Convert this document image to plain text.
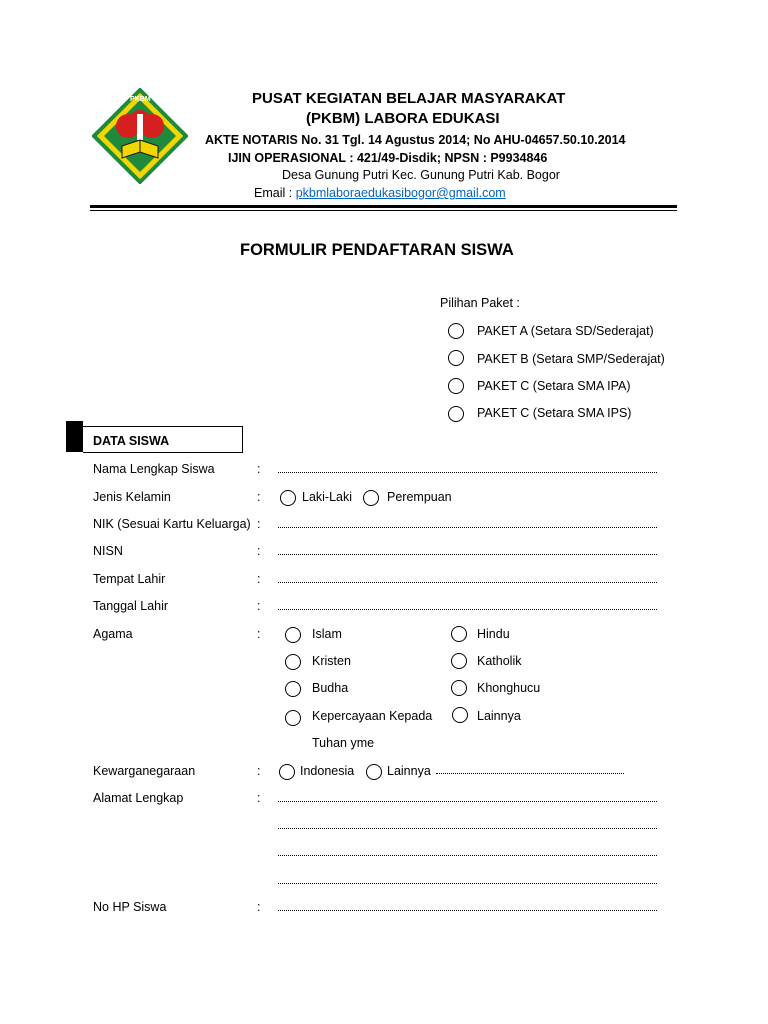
PKBM	PUSAT KEGIATAN BELAJAR MASYARAKAT
(PKBM) LABORA EDUKASI
AKTE NOTARIS No. 31 Tgl. 14 Agustus 2014; No AHU-04657.50.10.2014
IJIN OPERASIONAL : 421/49-Disdik; NPSN : P9934846
Desa Gunung Putri Kec. Gunung Putri Kab. Bogor
Email : pkbmlaboraedukasibogor@gmail.com
FORMULIR PENDAFTARAN SISWA
Pilihan Paket :
PAKET A (Setara SD/Sederajat)
PAKET B (Setara SMP/Sederajat)
PAKET C (Setara SMA IPA)
PAKET C (Setara SMA IPS)
DATA SISWA
Nama Lengkap Siswa	:
Jenis Kelamin	:	Laki-Laki	Perempuan
NIK (Sesuai Kartu Keluarga) :
NISN	:
Tempat Lahir	:
Tanggal Lahir	:
Agama	:	Islam	Hindu
Kristen	Katholik
Budha	Khonghucu
Kepercayaan Kepada	Lainnya
Tuhan yme
Kewarganegaraan	:	Indonesia	Lainnya
Alamat Lengkap	:
No HP Siswa	:
